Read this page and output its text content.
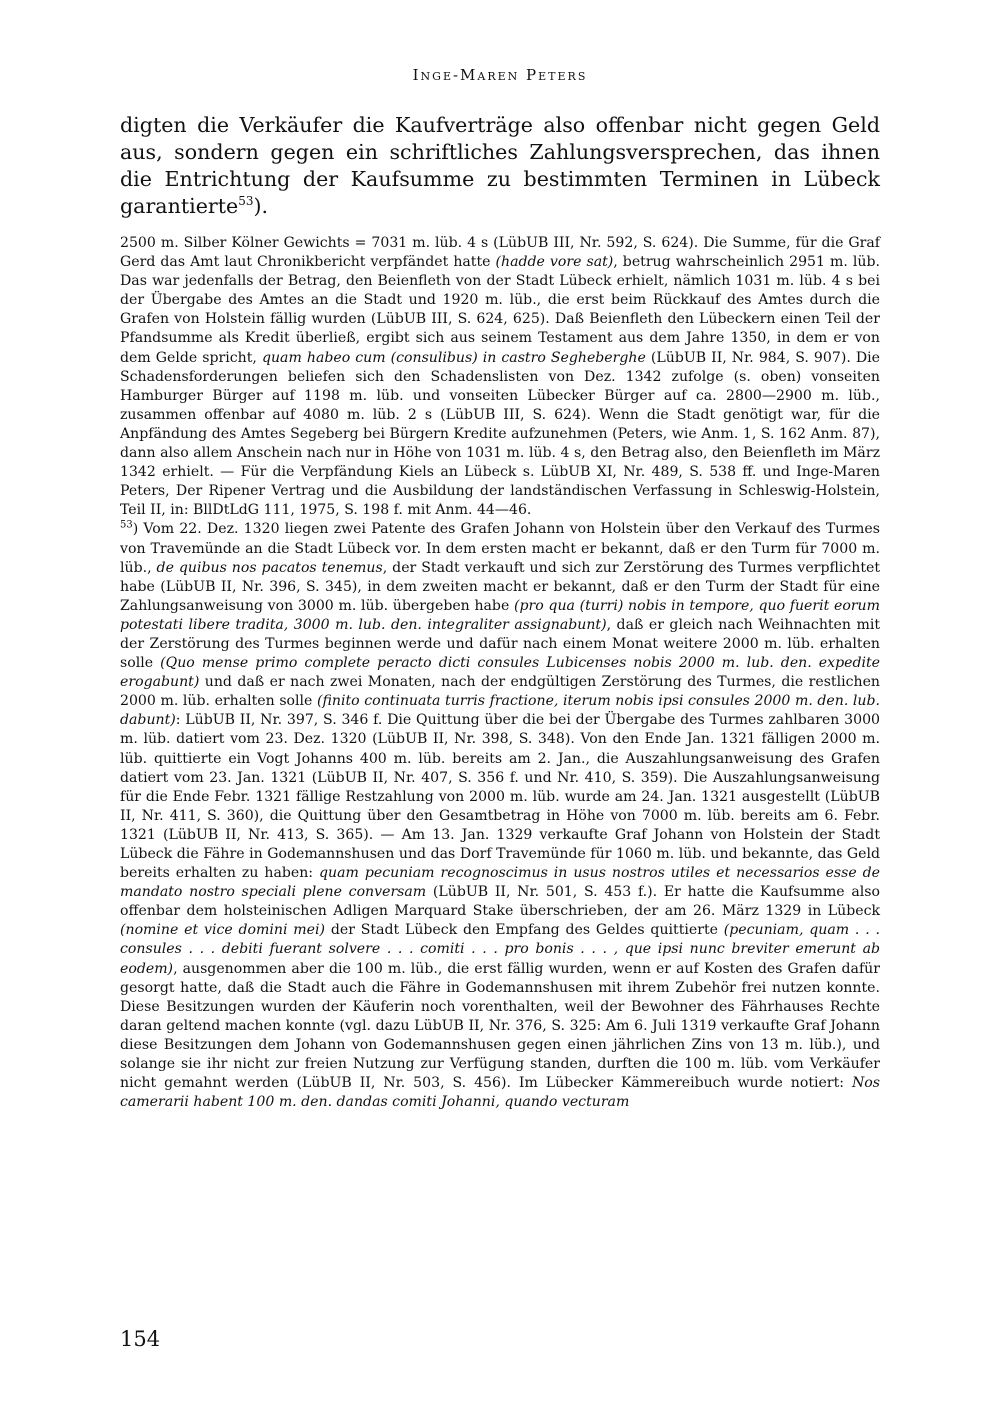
Inge-Maren Peters
digten die Verkäufer die Kaufverträge also offenbar nicht gegen Geld aus, sondern gegen ein schriftliches Zahlungsversprechen, das ihnen die Entrichtung der Kaufsumme zu bestimmten Terminen in Lübeck garantierte$^{53}$).

2500 m. Silber Kölner Gewichts = 7031 m. lüb. 4 s (LübUB III, Nr. 592, S. 624). Die Summe, für die Graf Gerd das Amt laut Chronikbericht verpfändet hatte (hadde vore sat), betrug wahrscheinlich 2951 m. lüb. Das war jedenfalls der Betrag, den Beienfleth von der Stadt Lübeck erhielt, nämlich 1031 m. lüb. 4 s bei der Übergabe des Amtes an die Stadt und 1920 m. lüb., die erst beim Rückkauf des Amtes durch die Grafen von Holstein fällig wurden (LübUB III, S. 624, 625). Daß Beienfleth den Lübeckern einen Teil der Pfandsumme als Kredit überließ, ergibt sich aus seinem Testament aus dem Jahre 1350, in dem er von dem Gelde spricht, quam habeo cum (consulibus) in castro Segheberghe (LübUB II, Nr. 984, S. 907). Die Schadensforderungen beliefen sich den Schadenslisten von Dez. 1342 zufolge (s. oben) vonseiten Hamburger Bürger auf 1198 m. lüb. und vonseiten Lübecker Bürger auf ca. 2800—2900 m. lüb., zusammen offenbar auf 4080 m. lüb. 2 s (LübUB III, S. 624). Wenn die Stadt genötigt war, für die Anpfändung des Amtes Segeberg bei Bürgern Kredite aufzunehmen (Peters, wie Anm. 1, S. 162 Anm. 87), dann also allem Anschein nach nur in Höhe von 1031 m. lüb. 4 s, den Betrag also, den Beienfleth im März 1342 erhielt. — Für die Verpfändung Kiels an Lübeck s. LübUB XI, Nr. 489, S. 538 ff. und Inge-Maren Peters, Der Ripener Vertrag und die Ausbildung der landständischen Verfassung in Schleswig-Holstein, Teil II, in: BllDtLdG 111, 1975, S. 198 f. mit Anm. 44—46.

$^{53}$) Vom 22. Dez. 1320 liegen zwei Patente des Grafen Johann von Holstein über den Verkauf des Turmes von Travemünde an die Stadt Lübeck vor. In dem ersten macht er bekannt, daß er den Turm für 7000 m. lüb., de quibus nos pacatos tenemus, der Stadt verkauft und sich zur Zerstörung des Turmes verpflichtet habe (LübUB II, Nr. 396, S. 345), in dem zweiten macht er bekannt, daß er den Turm der Stadt für eine Zahlungsanweisung von 3000 m. lüb. übergeben habe (pro qua (turri) nobis in tempore, quo fuerit eorum potestati libere tradita, 3000 m. lub. den. integraliter assignabunt), daß er gleich nach Weihnachten mit der Zerstörung des Turmes beginnen werde und dafür nach einem Monat weitere 2000 m. lüb. erhalten solle (Quo mense primo complete peracto dicti consules Lubicenses nobis 2000 m. lub. den. expedite erogabunt) und daß er nach zwei Monaten, nach der endgültigen Zerstörung des Turmes, die restlichen 2000 m. lüb. erhalten solle (finito continuata turris fractione, iterum nobis ipsi consules 2000 m. den. lub. dabunt): LübUB II, Nr. 397, S. 346 f. Die Quittung über die bei der Übergabe des Turmes zahlbaren 3000 m. lüb. datiert vom 23. Dez. 1320 (LübUB II, Nr. 398, S. 348). Von den Ende Jan. 1321 fälligen 2000 m. lüb. quittierte ein Vogt Johanns 400 m. lüb. bereits am 2. Jan., die Auszahlungsanweisung des Grafen datiert vom 23. Jan. 1321 (LübUB II, Nr. 407, S. 356 f. und Nr. 410, S. 359). Die Auszahlungsanweisung für die Ende Febr. 1321 fällige Restzahlung von 2000 m. lüb. wurde am 24. Jan. 1321 ausgestellt (LübUB II, Nr. 411, S. 360), die Quittung über den Gesamtbetrag in Höhe von 7000 m. lüb. bereits am 6. Febr. 1321 (LübUB II, Nr. 413, S. 365). — Am 13. Jan. 1329 verkaufte Graf Johann von Holstein der Stadt Lübeck die Fähre in Godemannshusen und das Dorf Travemünde für 1060 m. lüb. und bekannte, das Geld bereits erhalten zu haben: quam pecuniam recognoscimus in usus nostros utiles et necessarios esse de mandato nostro speciali plene conversam (LübUB II, Nr. 501, S. 453 f.). Er hatte die Kaufsumme also offenbar dem holsteinischen Adligen Marquard Stake überschrieben, der am 26. März 1329 in Lübeck (nomine et vice domini mei) der Stadt Lübeck den Empfang des Geldes quittierte (pecuniam, quam . . . consules . . . debiti fuerant solvere . . . comiti . . . pro bonis . . . , que ipsi nunc breviter emerunt ab eodem), ausgenommen aber die 100 m. lüb., die erst fällig wurden, wenn er auf Kosten des Grafen dafür gesorgt hatte, daß die Stadt auch die Fähre in Godemannshusen mit ihrem Zubehör frei nutzen konnte. Diese Besitzungen wurden der Käuferin noch vorenthalten, weil der Bewohner des Fährhauses Rechte daran geltend machen konnte (vgl. dazu LübUB II, Nr. 376, S. 325: Am 6. Juli 1319 verkaufte Graf Johann diese Besitzungen dem Johann von Godemannshusen gegen einen jährlichen Zins von 13 m. lüb.), und solange sie ihr nicht zur freien Nutzung zur Verfügung standen, durften die 100 m. lüb. vom Verkäufer nicht gemahnt werden (LübUB II, Nr. 503, S. 456). Im Lübecker Kämmereibuch wurde notiert: Nos camerarii habent 100 m. den. dandas comiti Johanni, quando vecturam

154
